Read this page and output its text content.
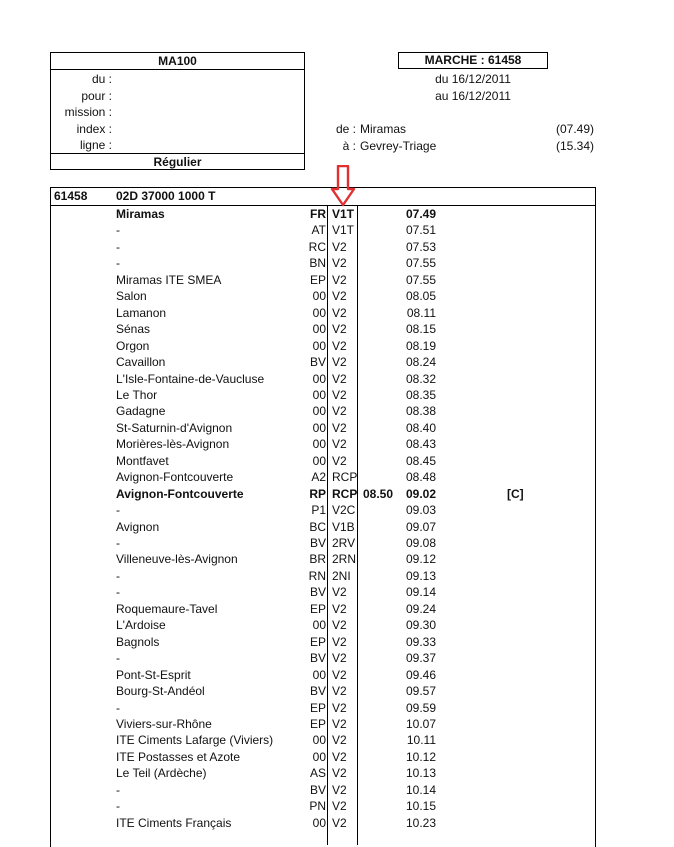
MA100
du :
pour :
mission :
index :
ligne :
Régulier
MARCHE : 61458
du 16/12/2011
au 16/12/2011
de : Miramas	(07.49)
à : Gevrey-Triage	(15.34)
61458 02D 37000 1000 T
Miramas	FR V1T	07.49
-	AT V1T	07.51
-	RC V2	07.53
-	BN V2	07.55
Miramas ITE SMEA	EP V2	07.55
Salon	00 V2	08.05
Lamanon	00 V2	08.11
Sénas	00 V2	08.15
Orgon	00 V2	08.19
Cavaillon	BV V2	08.24
L'Isle-Fontaine-de-Vaucluse	00 V2	08.32
Le Thor	00 V2	08.35
Gadagne	00 V2	08.38
St-Saturnin-d'Avignon	00 V2	08.40
Morières-lès-Avignon	00 V2	08.43
Montfavet	00 V2	08.45
Avignon-Fontcouverte	A2 RCP	08.48
Avignon-Fontcouverte	RP RCP 08.50	09.02	[C]
-	P1 V2C	09.03
Avignon	BC V1B	09.07
-	BV 2RV	09.08
Villeneuve-lès-Avignon	BR 2RN	09.12
-	RN 2NI	09.13
-	BV V2	09.14
Roquemaure-Tavel	EP V2	09.24
L'Ardoise	00 V2	09.30
Bagnols	EP V2	09.33
-	BV V2	09.37
Pont-St-Esprit	00 V2	09.46
Bourg-St-Andéol	BV V2	09.57
-	EP V2	09.59
Viviers-sur-Rhône	EP V2	10.07
ITE Ciments Lafarge (Viviers)	00 V2	10.11
ITE Postasses et Azote	00 V2	10.12
Le Teil (Ardèche)	AS V2	10.13
-	BV V2	10.14
-	PN V2	10.15
ITE Ciments Français	00 V2	10.23
